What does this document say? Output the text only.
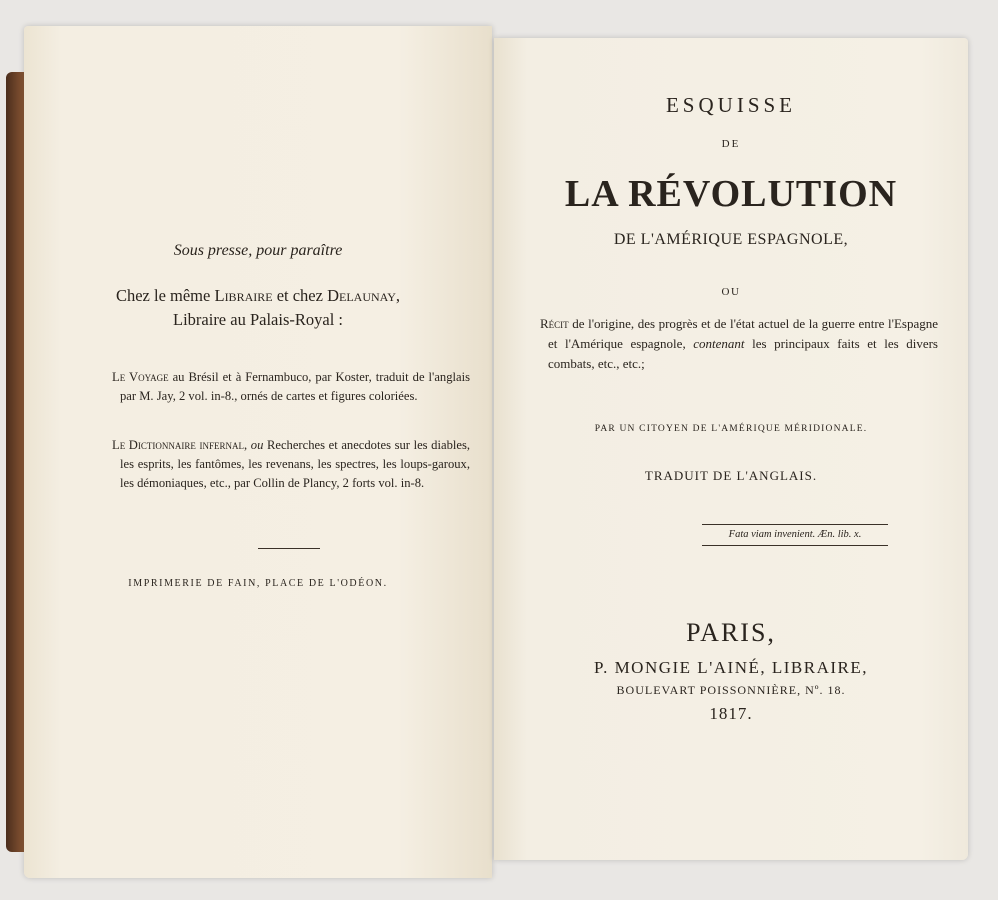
Sous presse, pour paraître
Chez le même Libraire et chez Delaunay,
Libraire au Palais-Royal :
Le Voyage au Brésil et à Fernambuco, par Koster, traduit de l'anglais par M. Jay, 2 vol. in-8., ornés de cartes et figures coloriées.
Le Dictionnaire infernal, ou Recherches et anecdotes sur les diables, les esprits, les fantômes, les revenans, les spectres, les loups-garoux, les démoniaques, etc., par Collin de Plancy, 2 forts vol. in-8.
IMPRIMERIE DE FAIN, PLACE DE L'ODÉON.
ESQUISSE
DE
LA RÉVOLUTION
DE L'AMÉRIQUE ESPAGNOLE,
OU
Récit de l'origine, des progrès et de l'état actuel de la guerre entre l'Espagne et l'Amérique espagnole, contenant les principaux faits et les divers combats, etc., etc.;
PAR UN CITOYEN DE L'AMÉRIQUE MÉRIDIONALE.
TRADUIT DE L'ANGLAIS.
Fata viam invenient. Æn. lib. x.
PARIS,
P. MONGIE L'AINÉ, LIBRAIRE,
BOULEVART POISSONNIÈRE, Nº. 18.
1817.
